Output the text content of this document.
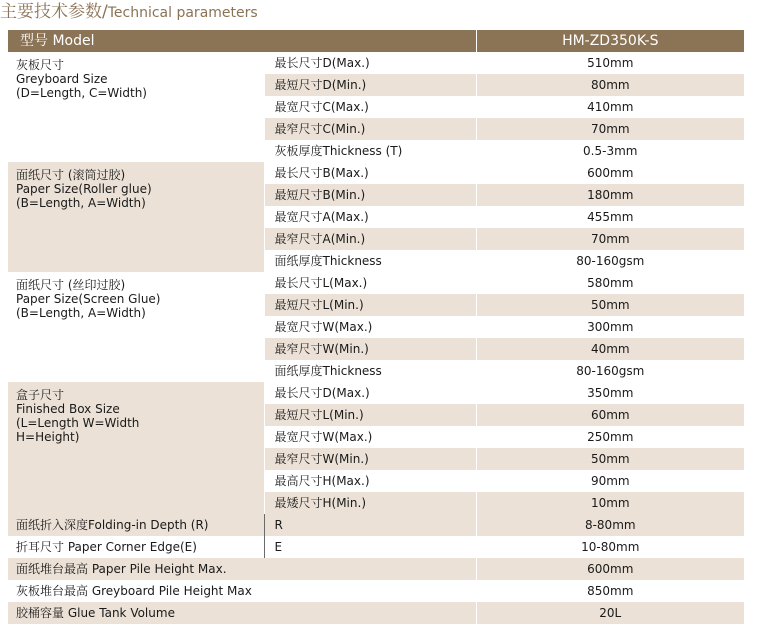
主要技术参数/Technical parameters
型号 Model		HM-ZD350K-S

灰板尺寸
Greyboard Size
(D=Length, C=Width)	最长尺寸D(Max.)	510mm
	最短尺寸D(Min.)	80mm
	最宽尺寸C(Max.)	410mm
	最窄尺寸C(Min.)	70mm
	灰板厚度Thickness (T)	0.5-3mm

面纸尺寸 (滚筒过胶)
Paper Size(Roller glue)
(B=Length, A=Width)	最长尺寸B(Max.)	600mm
	最短尺寸B(Min.)	180mm
	最宽尺寸A(Max.)	455mm
	最窄尺寸A(Min.)	70mm
	面纸厚度Thickness	80-160gsm

面纸尺寸 (丝印过胶)
Paper Size(Screen Glue)
(B=Length, A=Width)	最长尺寸L(Max.)	580mm
	最短尺寸L(Min.)	50mm
	最宽尺寸W(Max.)	300mm
	最窄尺寸W(Min.)	40mm
	面纸厚度Thickness	80-160gsm

盒子尺寸
Finished Box Size
(L=Length W=Width
H=Height)	最长尺寸D(Max.)	350mm
	最短尺寸L(Min.)	60mm
	最宽尺寸W(Max.)	250mm
	最窄尺寸W(Min.)	50mm
	最高尺寸H(Max.)	90mm
	最矮尺寸H(Min.)	10mm
面纸折入深度Folding-in Depth (R)	R	8-80mm
折耳尺寸 Paper Corner Edge(E)	E	10-80mm
面纸堆台最高 Paper Pile Height Max.		600mm
灰板堆台最高 Greyboard Pile Height Max		850mm
胶桶容量 Glue Tank Volume		20L
